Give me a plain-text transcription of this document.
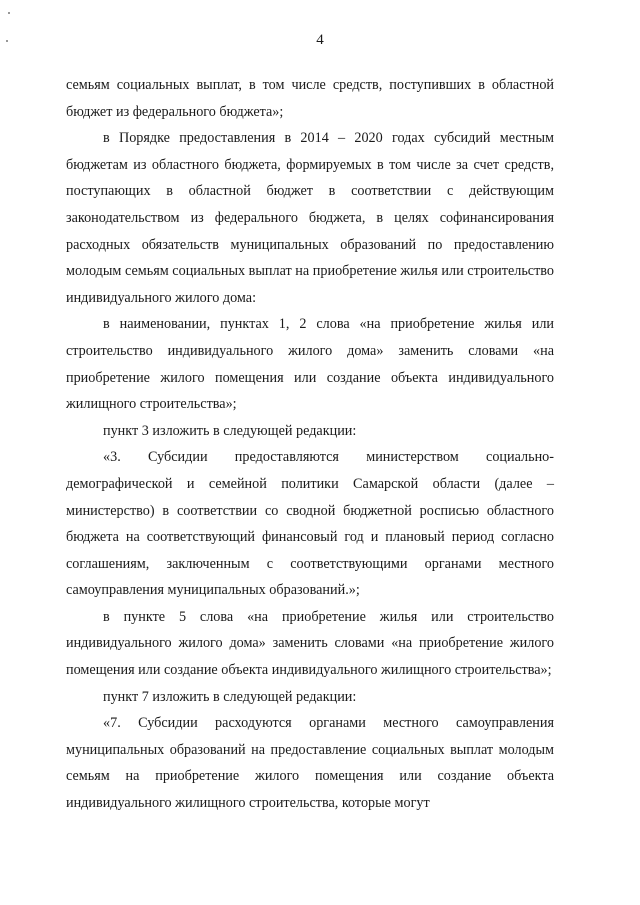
4

семьям социальных выплат, в том числе средств, поступивших в областной бюджет из федерального бюджета»;

в Порядке предоставления в 2014 – 2020 годах субсидий местным бюджетам из областного бюджета, формируемых в том числе за счет средств, поступающих в областной бюджет в соответствии с действующим законодательством из федерального бюджета, в целях софинансирования расходных обязательств муниципальных образований по предоставлению молодым семьям социальных выплат на приобретение жилья или строительство индивидуального жилого дома:

в наименовании, пунктах 1, 2 слова «на приобретение жилья или строительство индивидуального жилого дома» заменить словами «на приобретение жилого помещения или создание объекта индивидуального жилищного строительства»;

пункт 3 изложить в следующей редакции:

«3. Субсидии предоставляются министерством социально-демографической и семейной политики Самарской области (далее – министерство) в соответствии со сводной бюджетной росписью областного бюджета на соответствующий финансовый год и плановый период согласно соглашениям, заключенным с соответствующими органами местного самоуправления муниципальных образований.»;

в пункте 5 слова «на приобретение жилья или строительство индивидуального жилого дома» заменить словами «на приобретение жилого помещения или создание объекта индивидуального жилищного строительства»;

пункт 7 изложить в следующей редакции:

«7. Субсидии расходуются органами местного самоуправления муниципальных образований на предоставление социальных выплат молодым семьям на приобретение жилого помещения или создание объекта индивидуального жилищного строительства, которые могут
